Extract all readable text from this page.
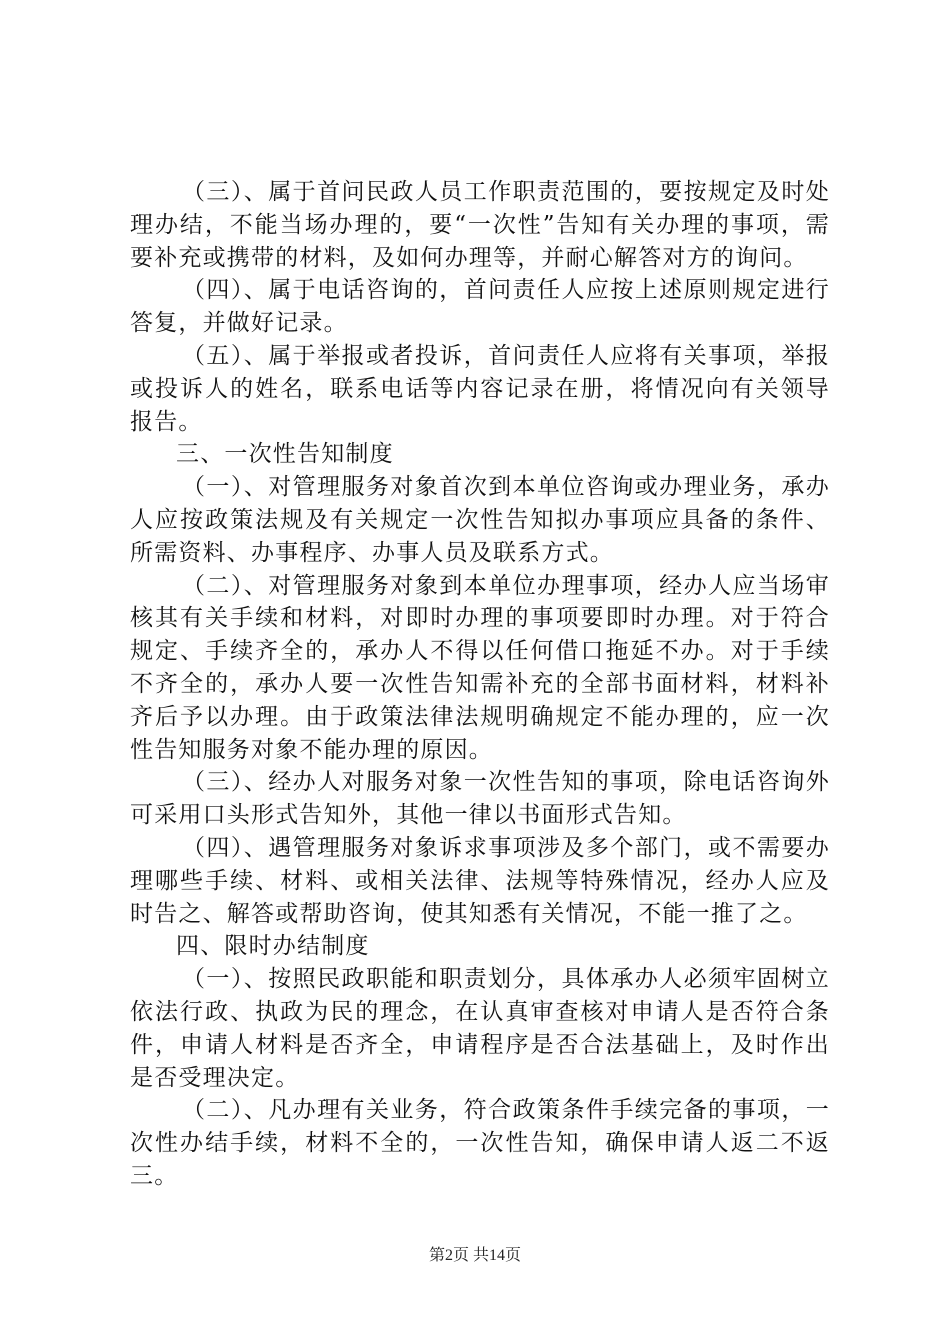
（三）、属于首问民政人员工作职责范围的，要按规定及时处理办结，不能当场办理的，要“一次性”告知有关办理的事项，需要补充或携带的材料，及如何办理等，并耐心解答对方的询问。

（四）、属于电话咨询的，首问责任人应按上述原则规定进行答复，并做好记录。

（五）、属于举报或者投诉，首问责任人应将有关事项，举报或投诉人的姓名，联系电话等内容记录在册，将情况向有关领导报告。

三、一次性告知制度

（一）、对管理服务对象首次到本单位咨询或办理业务，承办人应按政策法规及有关规定一次性告知拟办事项应具备的条件、所需资料、办事程序、办事人员及联系方式。

（二）、对管理服务对象到本单位办理事项，经办人应当场审核其有关手续和材料，对即时办理的事项要即时办理。对于符合规定、手续齐全的，承办人不得以任何借口拖延不办。对于手续不齐全的，承办人要一次性告知需补充的全部书面材料，材料补齐后予以办理。由于政策法律法规明确规定不能办理的，应一次性告知服务对象不能办理的原因。

（三）、经办人对服务对象一次性告知的事项，除电话咨询外可采用口头形式告知外，其他一律以书面形式告知。

（四）、遇管理服务对象诉求事项涉及多个部门，或不需要办理哪些手续、材料、或相关法律、法规等特殊情况，经办人应及时告之、解答或帮助咨询，使其知悉有关情况，不能一推了之。

四、限时办结制度

（一）、按照民政职能和职责划分，具体承办人必须牢固树立依法行政、执政为民的理念，在认真审查核对申请人是否符合条件，申请人材料是否齐全，申请程序是否合法基础上，及时作出是否受理决定。

（二）、凡办理有关业务，符合政策条件手续完备的事项，一次性办结手续，材料不全的，一次性告知，确保申请人返二不返三。

第2页 共14页
